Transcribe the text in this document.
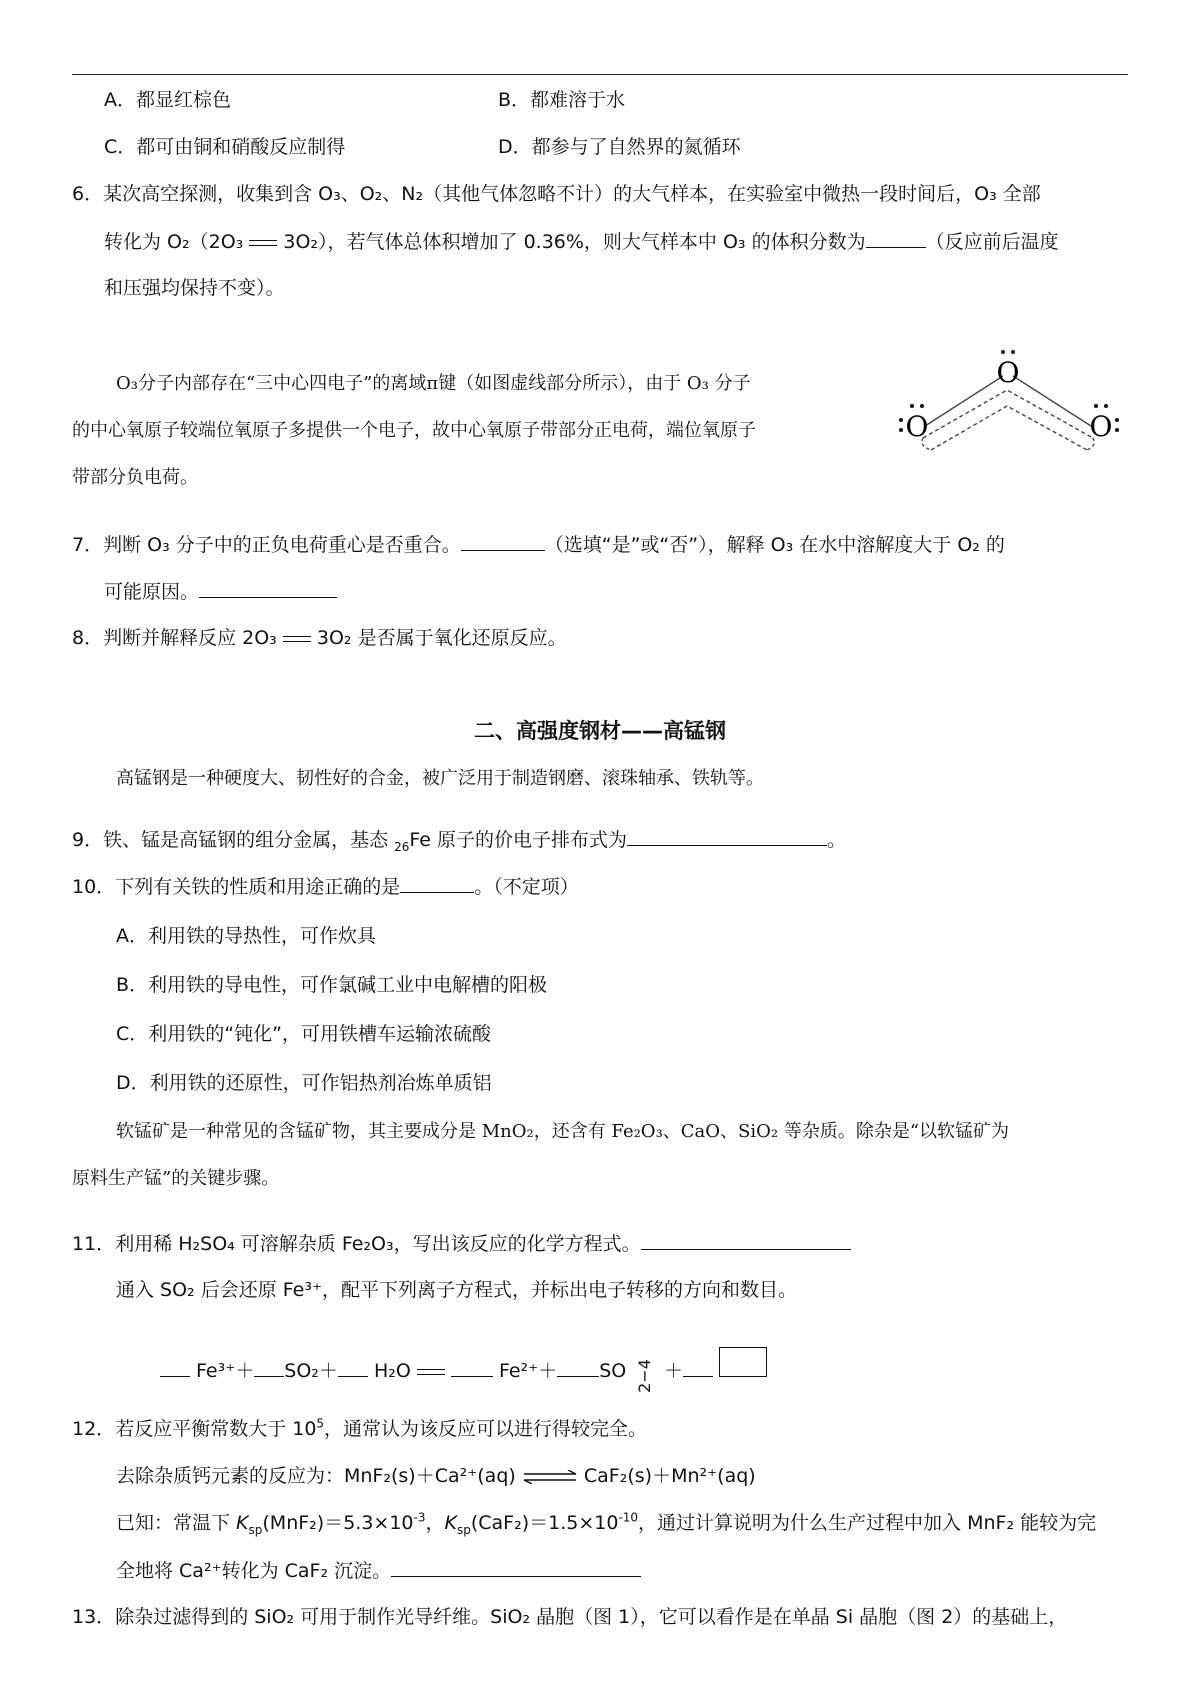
A．都显红棕色	B．都难溶于水
C．都可由铜和硝酸反应制得	D．都参与了自然界的氮循环
6．某次高空探测，收集到含 O₃、O₂、N₂（其他气体忽略不计）的大气样本，在实验室中微热一段时间后，O₃ 全部
转化为 O₂（2O₃ 3O₂），若气体总体积增加了 0.36%，则大气样本中 O₃ 的体积分数为	（反应前后温度
和压强均保持不变）。
O₃分子内部存在“三中心四电子”的离域π键（如图虚线部分所示），由于 O₃ 分子
的中心氧原子较端位氧原子多提供一个电子，故中心氧原子带部分正电荷，端位氧原子
带部分负电荷。
O
O	O
7．判断 O₃ 分子中的正负电荷重心是否重合。	（选填“是”或“否”），解释 O₃ 在水中溶解度大于 O₂ 的
可能原因。
8．判断并解释反应 2O₃ 3O₂ 是否属于氧化还原反应。
二、高强度钢材——高锰钢
高锰钢是一种硬度大、韧性好的合金，被广泛用于制造钢磨、滚珠轴承、铁轨等。
9．铁、锰是高锰钢的组分金属，基态 $_{26}$Fe 原子的价电子排布式为	。
10．下列有关铁的性质和用途正确的是	。（不定项）
A．利用铁的导热性，可作炊具
B．利用铁的导电性，可作氯碱工业中电解槽的阳极
C．利用铁的“钝化”，可用铁槽车运输浓硫酸
D．利用铁的还原性，可作铝热剂冶炼单质铝
软锰矿是一种常见的含锰矿物，其主要成分是 MnO₂，还含有 Fe₂O₃、CaO、SiO₂ 等杂质。除杂是“以软锰矿为
原料生产锰”的关键步骤。
11．利用稀 H₂SO₄ 可溶解杂质 Fe₂O₃，写出该反应的化学方程式。
通入 SO₂ 后会还原 Fe³⁺，配平下列离子方程式，并标出电子转移的方向和数目。
Fe³⁺＋ SO₂＋ H₂O	Fe²⁺＋ SO 2−4 ＋
12．若反应平衡常数大于 $10^5$，通常认为该反应可以进行得较完全。
去除杂质钙元素的反应为：MnF₂(s)＋Ca²⁺(aq) ⇌ CaF₂(s)＋Mn²⁺(aq)
已知：常温下 $K_{sp}(MnF_2)=5.3\times 10^{-3}$，$K_{sp}(CaF_2)=1.5\times 10^{-10}$，通过计算说明为什么生产过程中加入 MnF₂ 能较为完
全地将 Ca²⁺转化为 CaF₂ 沉淀。
13．除杂过滤得到的 SiO₂ 可用于制作光导纤维。SiO₂ 晶胞（图 1），它可以看作是在单晶 Si 晶胞（图 2）的基础上，
